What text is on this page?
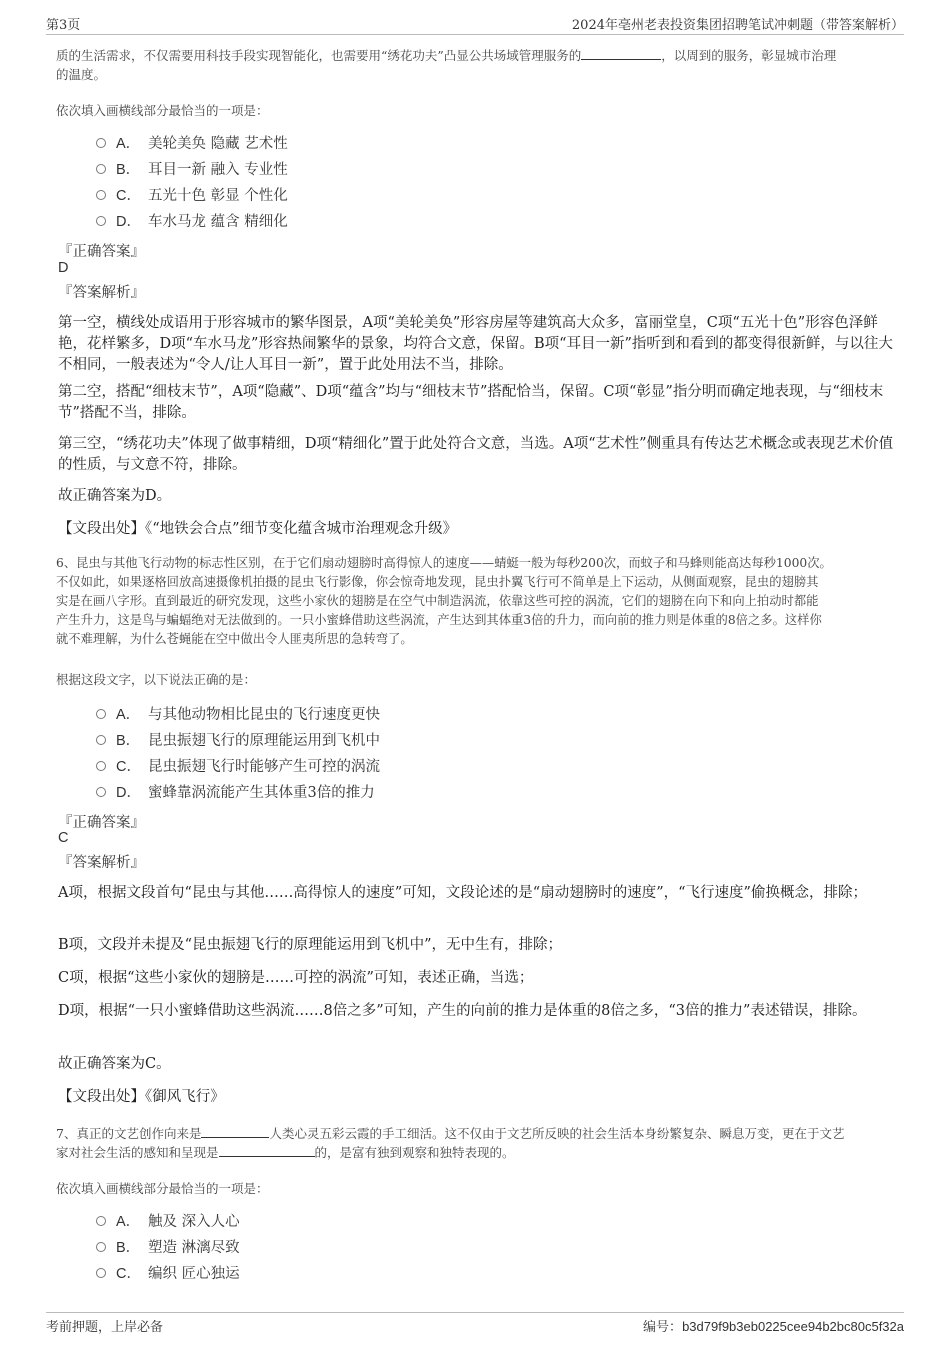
第3页	2024年亳州老表投资集团招聘笔试冲刺题（带答案解析）
质的生活需求，不仅需要用科技手段实现智能化，也需要用“绣花功夫”凸显公共场域管理服务的	，以周到的服务，彰显城市治理
的温度。
依次填入画横线部分最恰当的一项是：
A． 美轮美奂 隐藏 艺术性
B． 耳目一新 融入 专业性
C． 五光十色 彰显 个性化
D． 车水马龙 蕴含 精细化
『正确答案』
D
『答案解析』
第一空，横线处成语用于形容城市的繁华图景，A项“美轮美奂”形容房屋等建筑高大众多，富丽堂皇，C项“五光十色”形容色泽鲜艳，花样繁多，D项“车水马龙”形容热闹繁华的景象，均符合文意，保留。B项“耳目一新”指听到和看到的都变得很新鲜，与以往大不相同，一般表述为“令人/让人耳目一新”，置于此处用法不当，排除。
第二空，搭配“细枝末节”，A项“隐藏”、D项“蕴含”均与“细枝末节”搭配恰当，保留。C项“彰显”指分明而确定地表现，与“细枝末节”搭配不当，排除。
第三空，“绣花功夫”体现了做事精细，D项“精细化”置于此处符合文意，当选。A项“艺术性”侧重具有传达艺术概念或表现艺术价值的性质，与文意不符，排除。
故正确答案为D。
【文段出处】《“地铁会合点”细节变化蕴含城市治理观念升级》
6、昆虫与其他飞行动物的标志性区别，在于它们扇动翅膀时高得惊人的速度——蜻蜓一般为每秒200次，而蚊子和马蜂则能高达每秒1000次。
不仅如此，如果逐格回放高速摄像机拍摄的昆虫飞行影像，你会惊奇地发现，昆虫扑翼飞行可不简单是上下运动，从侧面观察，昆虫的翅膀其
实是在画八字形。直到最近的研究发现，这些小家伙的翅膀是在空气中制造涡流，依靠这些可控的涡流，它们的翅膀在向下和向上拍动时都能
产生升力，这是鸟与蝙蝠绝对无法做到的。一只小蜜蜂借助这些涡流，产生达到其体重3倍的升力，而向前的推力则是体重的8倍之多。这样你
就不难理解，为什么苍蝇能在空中做出令人匪夷所思的急转弯了。
根据这段文字，以下说法正确的是：
A． 与其他动物相比昆虫的飞行速度更快
B． 昆虫振翅飞行的原理能运用到飞机中
C． 昆虫振翅飞行时能够产生可控的涡流
D． 蜜蜂靠涡流能产生其体重3倍的推力
『正确答案』
C
『答案解析』
A项，根据文段首句“昆虫与其他……高得惊人的速度”可知，文段论述的是“扇动翅膀时的速度”，“飞行速度”偷换概念，排除；
B项，文段并未提及“昆虫振翅飞行的原理能运用到飞机中”，无中生有，排除；
C项，根据“这些小家伙的翅膀是……可控的涡流”可知，表述正确，当选；
D项，根据“一只小蜜蜂借助这些涡流……8倍之多”可知，产生的向前的推力是体重的8倍之多，“3倍的推力”表述错误，排除。
故正确答案为C。
【文段出处】《御风飞行》
7、真正的文艺创作向来是	人类心灵五彩云霞的手工细活。这不仅由于文艺所反映的社会生活本身纷繁复杂、瞬息万变，更在于文艺
家对社会生活的感知和呈现是	的，是富有独到观察和独特表现的。
依次填入画横线部分最恰当的一项是：
A． 触及 深入人心
B． 塑造 淋漓尽致
C． 编织 匠心独运
考前押题，上岸必备	编号：b3d79f9b3eb0225cee94b2bc80c5f32a
